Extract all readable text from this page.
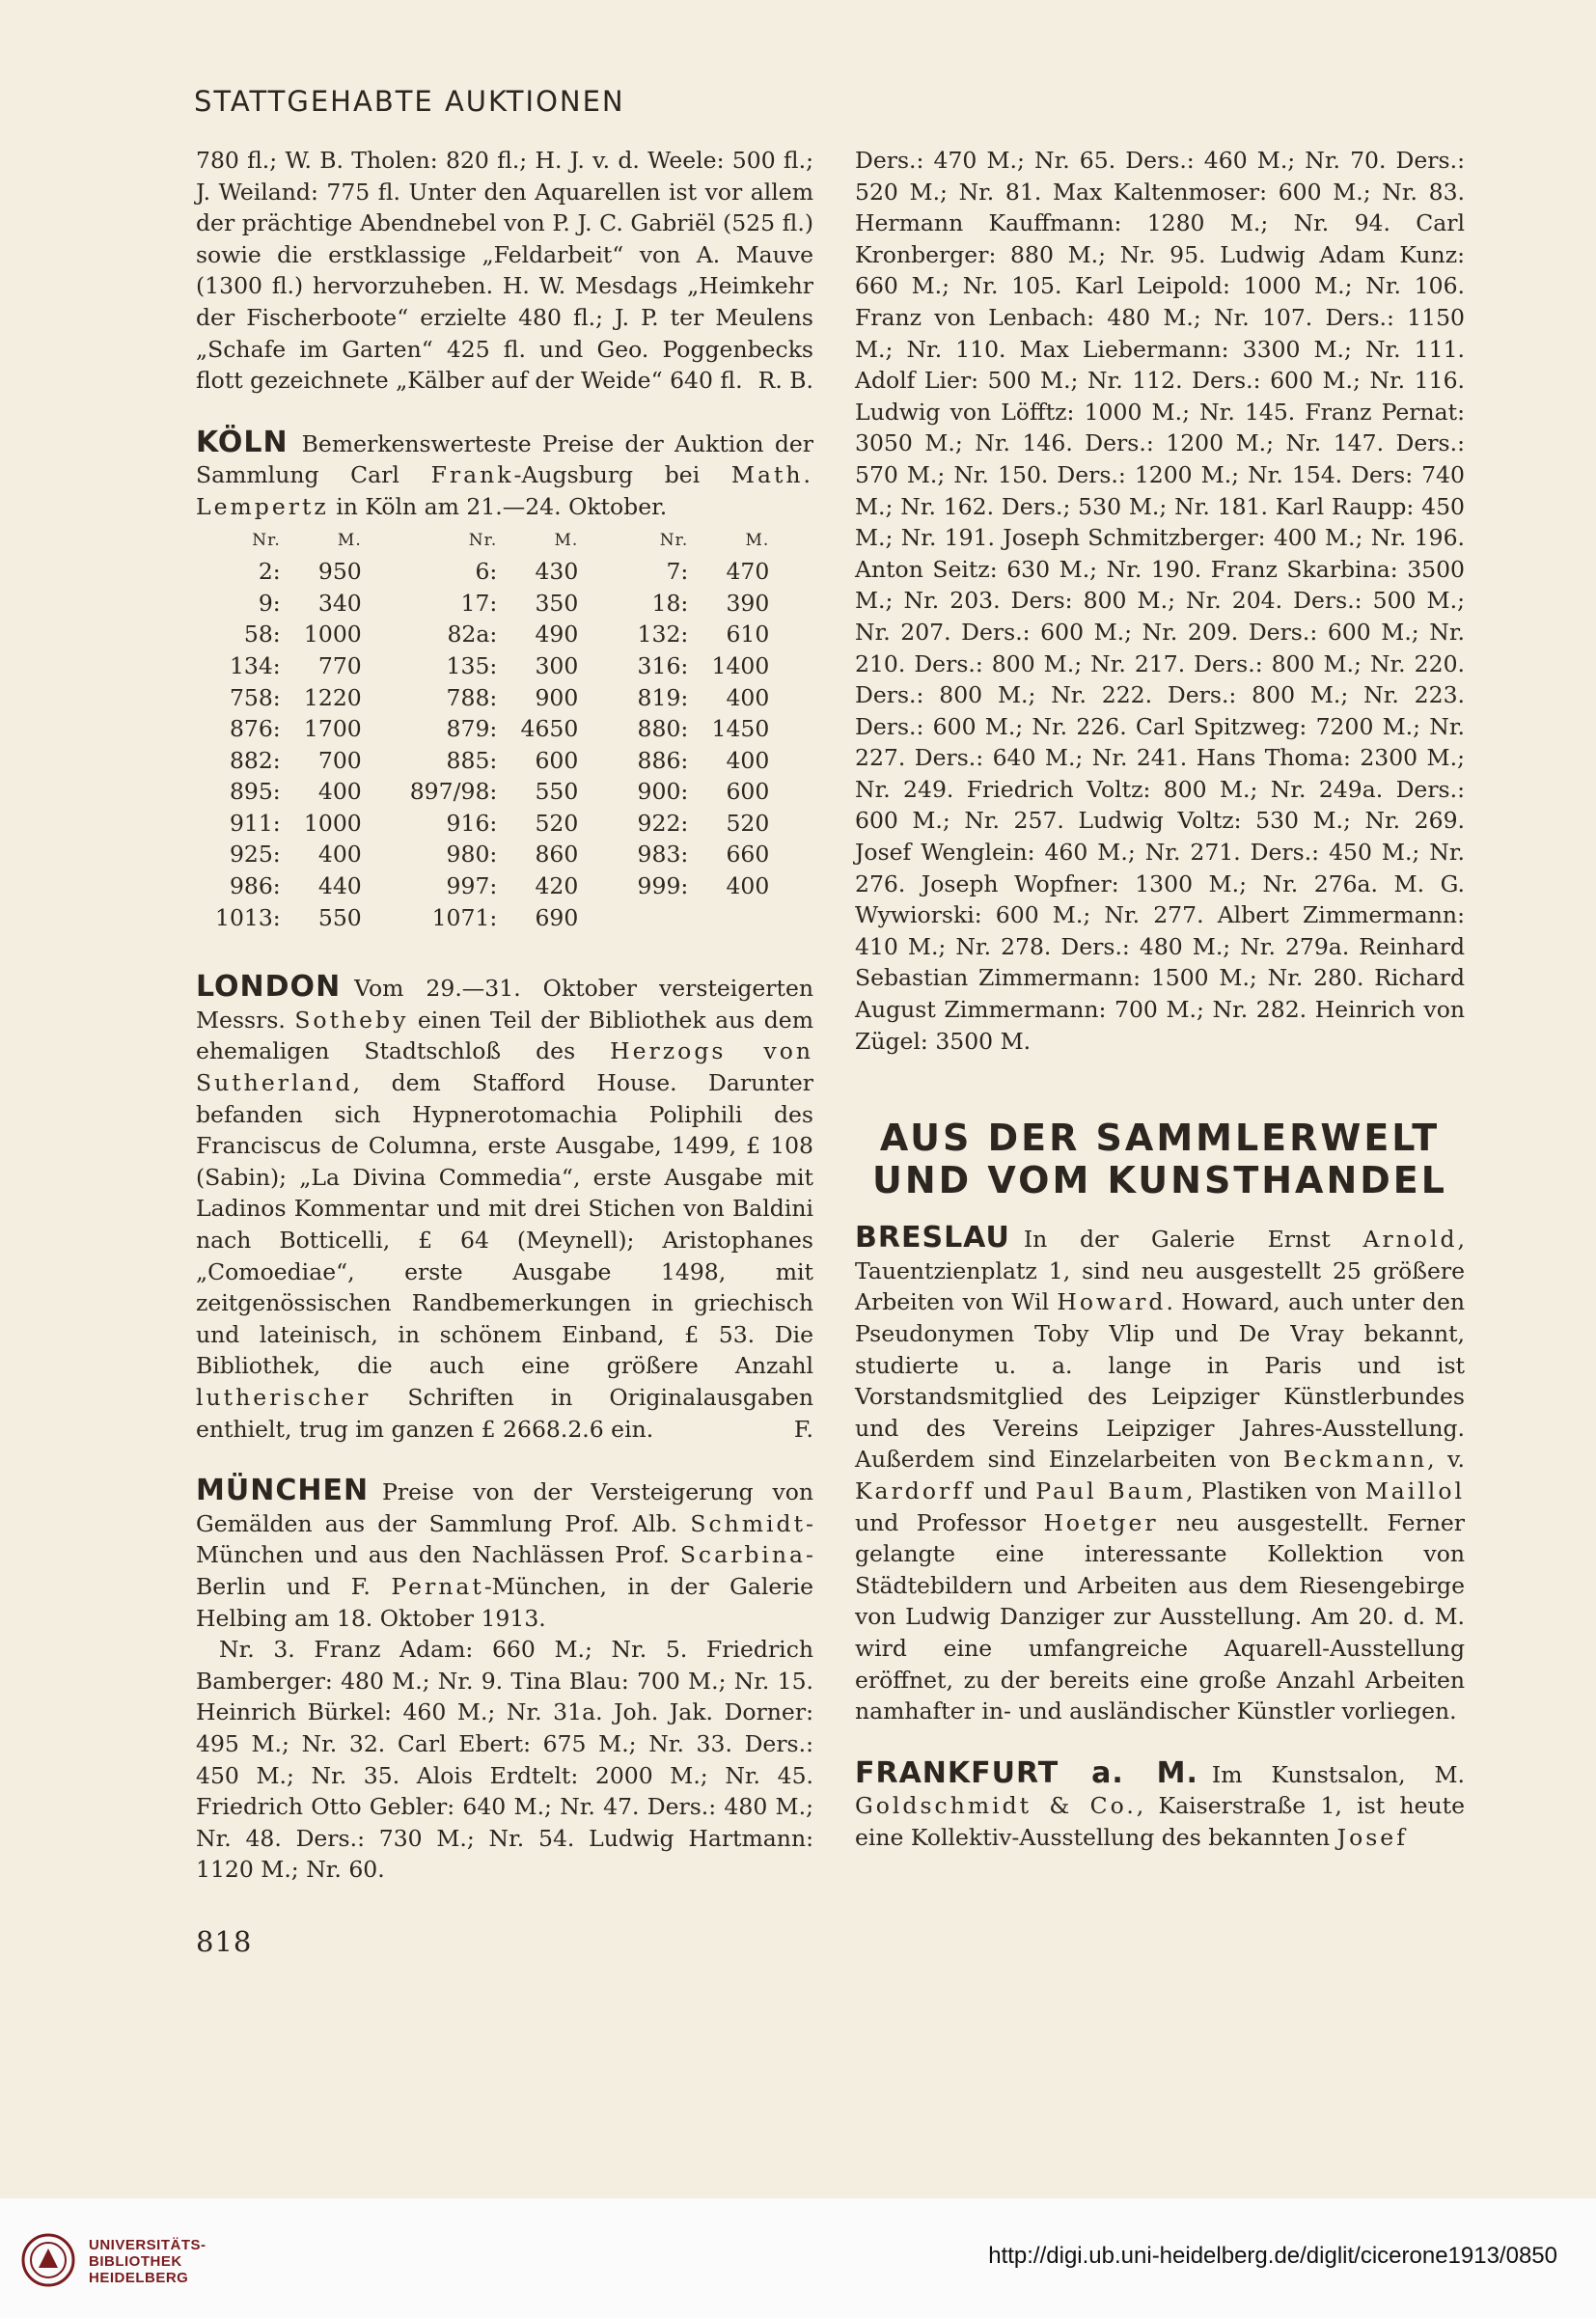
STATTGEHABTE AUKTIONEN

780 fl.; W. B. Tholen: 820 fl.; H. J. v. d. Weele: 500 fl.; J. Weiland: 775 fl. Unter den Aquarellen ist vor allem der prächtige Abendnebel von P. J. C. Gabriël (525 fl.) sowie die erstklassige „Feldarbeit“ von A. Mauve (1300 fl.) hervorzuheben. H. W. Mesdags „Heimkehr der Fischerboote“ erzielte 480 fl.; J. P. ter Meulens „Schafe im Garten“ 425 fl. und Geo. Poggenbecks flott gezeichnete „Kälber auf der Weide“ 640 fl. R. B.

KÖLN Bemerkenswerteste Preise der Auktion der Sammlung Carl Frank-Augsburg bei Math. Lempertz in Köln am 21.—24. Oktober.

Nr.	M.		Nr.	M.		Nr.	M.
2:	950		6:	430		7:	470
9:	340		17:	350		18:	390
58:	1000		82a:	490		132:	610
134:	770		135:	300		316:	1400
758:	1220		788:	900		819:	400
876:	1700		879:	4650		880:	1450
882:	700		885:	600		886:	400
895:	400		897/98:	550		900:	600
911:	1000		916:	520		922:	520
925:	400		980:	860		983:	660
986:	440		997:	420		999:	400
1013:	550		1071:	690			

LONDON Vom 29.—31. Oktober versteigerten Messrs. Sotheby einen Teil der Bibliothek aus dem ehemaligen Stadtschloß des Herzogs von Sutherland, dem Stafford House. Darunter befanden sich Hypnerotomachia Poliphili des Franciscus de Columna, erste Ausgabe, 1499, £ 108 (Sabin); „La Divina Commedia“, erste Ausgabe mit Ladinos Kommentar und mit drei Stichen von Baldini nach Botticelli, £ 64 (Meynell); Aristophanes „Comoediae“, erste Ausgabe 1498, mit zeitgenössischen Randbemerkungen in griechisch und lateinisch, in schönem Einband, £ 53. Die Bibliothek, die auch eine größere Anzahl lutherischer Schriften in Originalausgaben enthielt, trug im ganzen £ 2668.2.6 ein.	F.

MÜNCHEN Preise von der Versteigerung von Gemälden aus der Sammlung Prof. Alb. Schmidt-München und aus den Nachlässen Prof. Scarbina-Berlin und F. Pernat-München, in der Galerie Helbing am 18. Oktober 1913.

Nr. 3. Franz Adam: 660 M.; Nr. 5. Friedrich Bamberger: 480 M.; Nr. 9. Tina Blau: 700 M.; Nr. 15. Heinrich Bürkel: 460 M.; Nr. 31a. Joh. Jak. Dorner: 495 M.; Nr. 32. Carl Ebert: 675 M.; Nr. 33. Ders.: 450 M.; Nr. 35. Alois Erdtelt: 2000 M.; Nr. 45. Friedrich Otto Gebler: 640 M.; Nr. 47. Ders.: 480 M.; Nr. 48. Ders.: 730 M.; Nr. 54. Ludwig Hartmann: 1120 M.; Nr. 60.

Ders.: 470 M.; Nr. 65. Ders.: 460 M.; Nr. 70. Ders.: 520 M.; Nr. 81. Max Kaltenmoser: 600 M.; Nr. 83. Hermann Kauffmann: 1280 M.; Nr. 94. Carl Kronberger: 880 M.; Nr. 95. Ludwig Adam Kunz: 660 M.; Nr. 105. Karl Leipold: 1000 M.; Nr. 106. Franz von Lenbach: 480 M.; Nr. 107. Ders.: 1150 M.; Nr. 110. Max Liebermann: 3300 M.; Nr. 111. Adolf Lier: 500 M.; Nr. 112. Ders.: 600 M.; Nr. 116. Ludwig von Löfftz: 1000 M.; Nr. 145. Franz Pernat: 3050 M.; Nr. 146. Ders.: 1200 M.; Nr. 147. Ders.: 570 M.; Nr. 150. Ders.: 1200 M.; Nr. 154. Ders: 740 M.; Nr. 162. Ders.; 530 M.; Nr. 181. Karl Raupp: 450 M.; Nr. 191. Joseph Schmitzberger: 400 M.; Nr. 196. Anton Seitz: 630 M.; Nr. 190. Franz Skarbina: 3500 M.; Nr. 203. Ders: 800 M.; Nr. 204. Ders.: 500 M.; Nr. 207. Ders.: 600 M.; Nr. 209. Ders.: 600 M.; Nr. 210. Ders.: 800 M.; Nr. 217. Ders.: 800 M.; Nr. 220. Ders.: 800 M.; Nr. 222. Ders.: 800 M.; Nr. 223. Ders.: 600 M.; Nr. 226. Carl Spitzweg: 7200 M.; Nr. 227. Ders.: 640 M.; Nr. 241. Hans Thoma: 2300 M.; Nr. 249. Friedrich Voltz: 800 M.; Nr. 249a. Ders.: 600 M.; Nr. 257. Ludwig Voltz: 530 M.; Nr. 269. Josef Wenglein: 460 M.; Nr. 271. Ders.: 450 M.; Nr. 276. Joseph Wopfner: 1300 M.; Nr. 276a. M. G. Wywiorski: 600 M.; Nr. 277. Albert Zimmermann: 410 M.; Nr. 278. Ders.: 480 M.; Nr. 279a. Reinhard Sebastian Zimmermann: 1500 M.; Nr. 280. Richard August Zimmermann: 700 M.; Nr. 282. Heinrich von Zügel: 3500 M.

AUS DER SAMMLERWELT
UND VOM KUNSTHANDEL

BRESLAU In der Galerie Ernst Arnold, Tauentzienplatz 1, sind neu ausgestellt 25 größere Arbeiten von Wil Howard. Howard, auch unter den Pseudonymen Toby Vlip und De Vray bekannt, studierte u. a. lange in Paris und ist Vorstandsmitglied des Leipziger Künstlerbundes und des Vereins Leipziger Jahres-Ausstellung. Außerdem sind Einzelarbeiten von Beckmann, v. Kardorff und Paul Baum, Plastiken von Maillol und Professor Hoetger neu ausgestellt. Ferner gelangte eine interessante Kollektion von Städtebildern und Arbeiten aus dem Riesengebirge von Ludwig Danziger zur Ausstellung. Am 20. d. M. wird eine umfangreiche Aquarell-Ausstellung eröffnet, zu der bereits eine große Anzahl Arbeiten namhafter in- und ausländischer Künstler vorliegen.

FRANKFURT a. M. Im Kunstsalon, M. Goldschmidt & Co., Kaiserstraße 1, ist heute eine Kollektiv-Ausstellung des bekannten Josef

818
UNIVERSITÄTS-
BIBLIOTHEK
HEIDELBERG
http://digi.ub.uni-heidelberg.de/diglit/cicerone1913/0850
